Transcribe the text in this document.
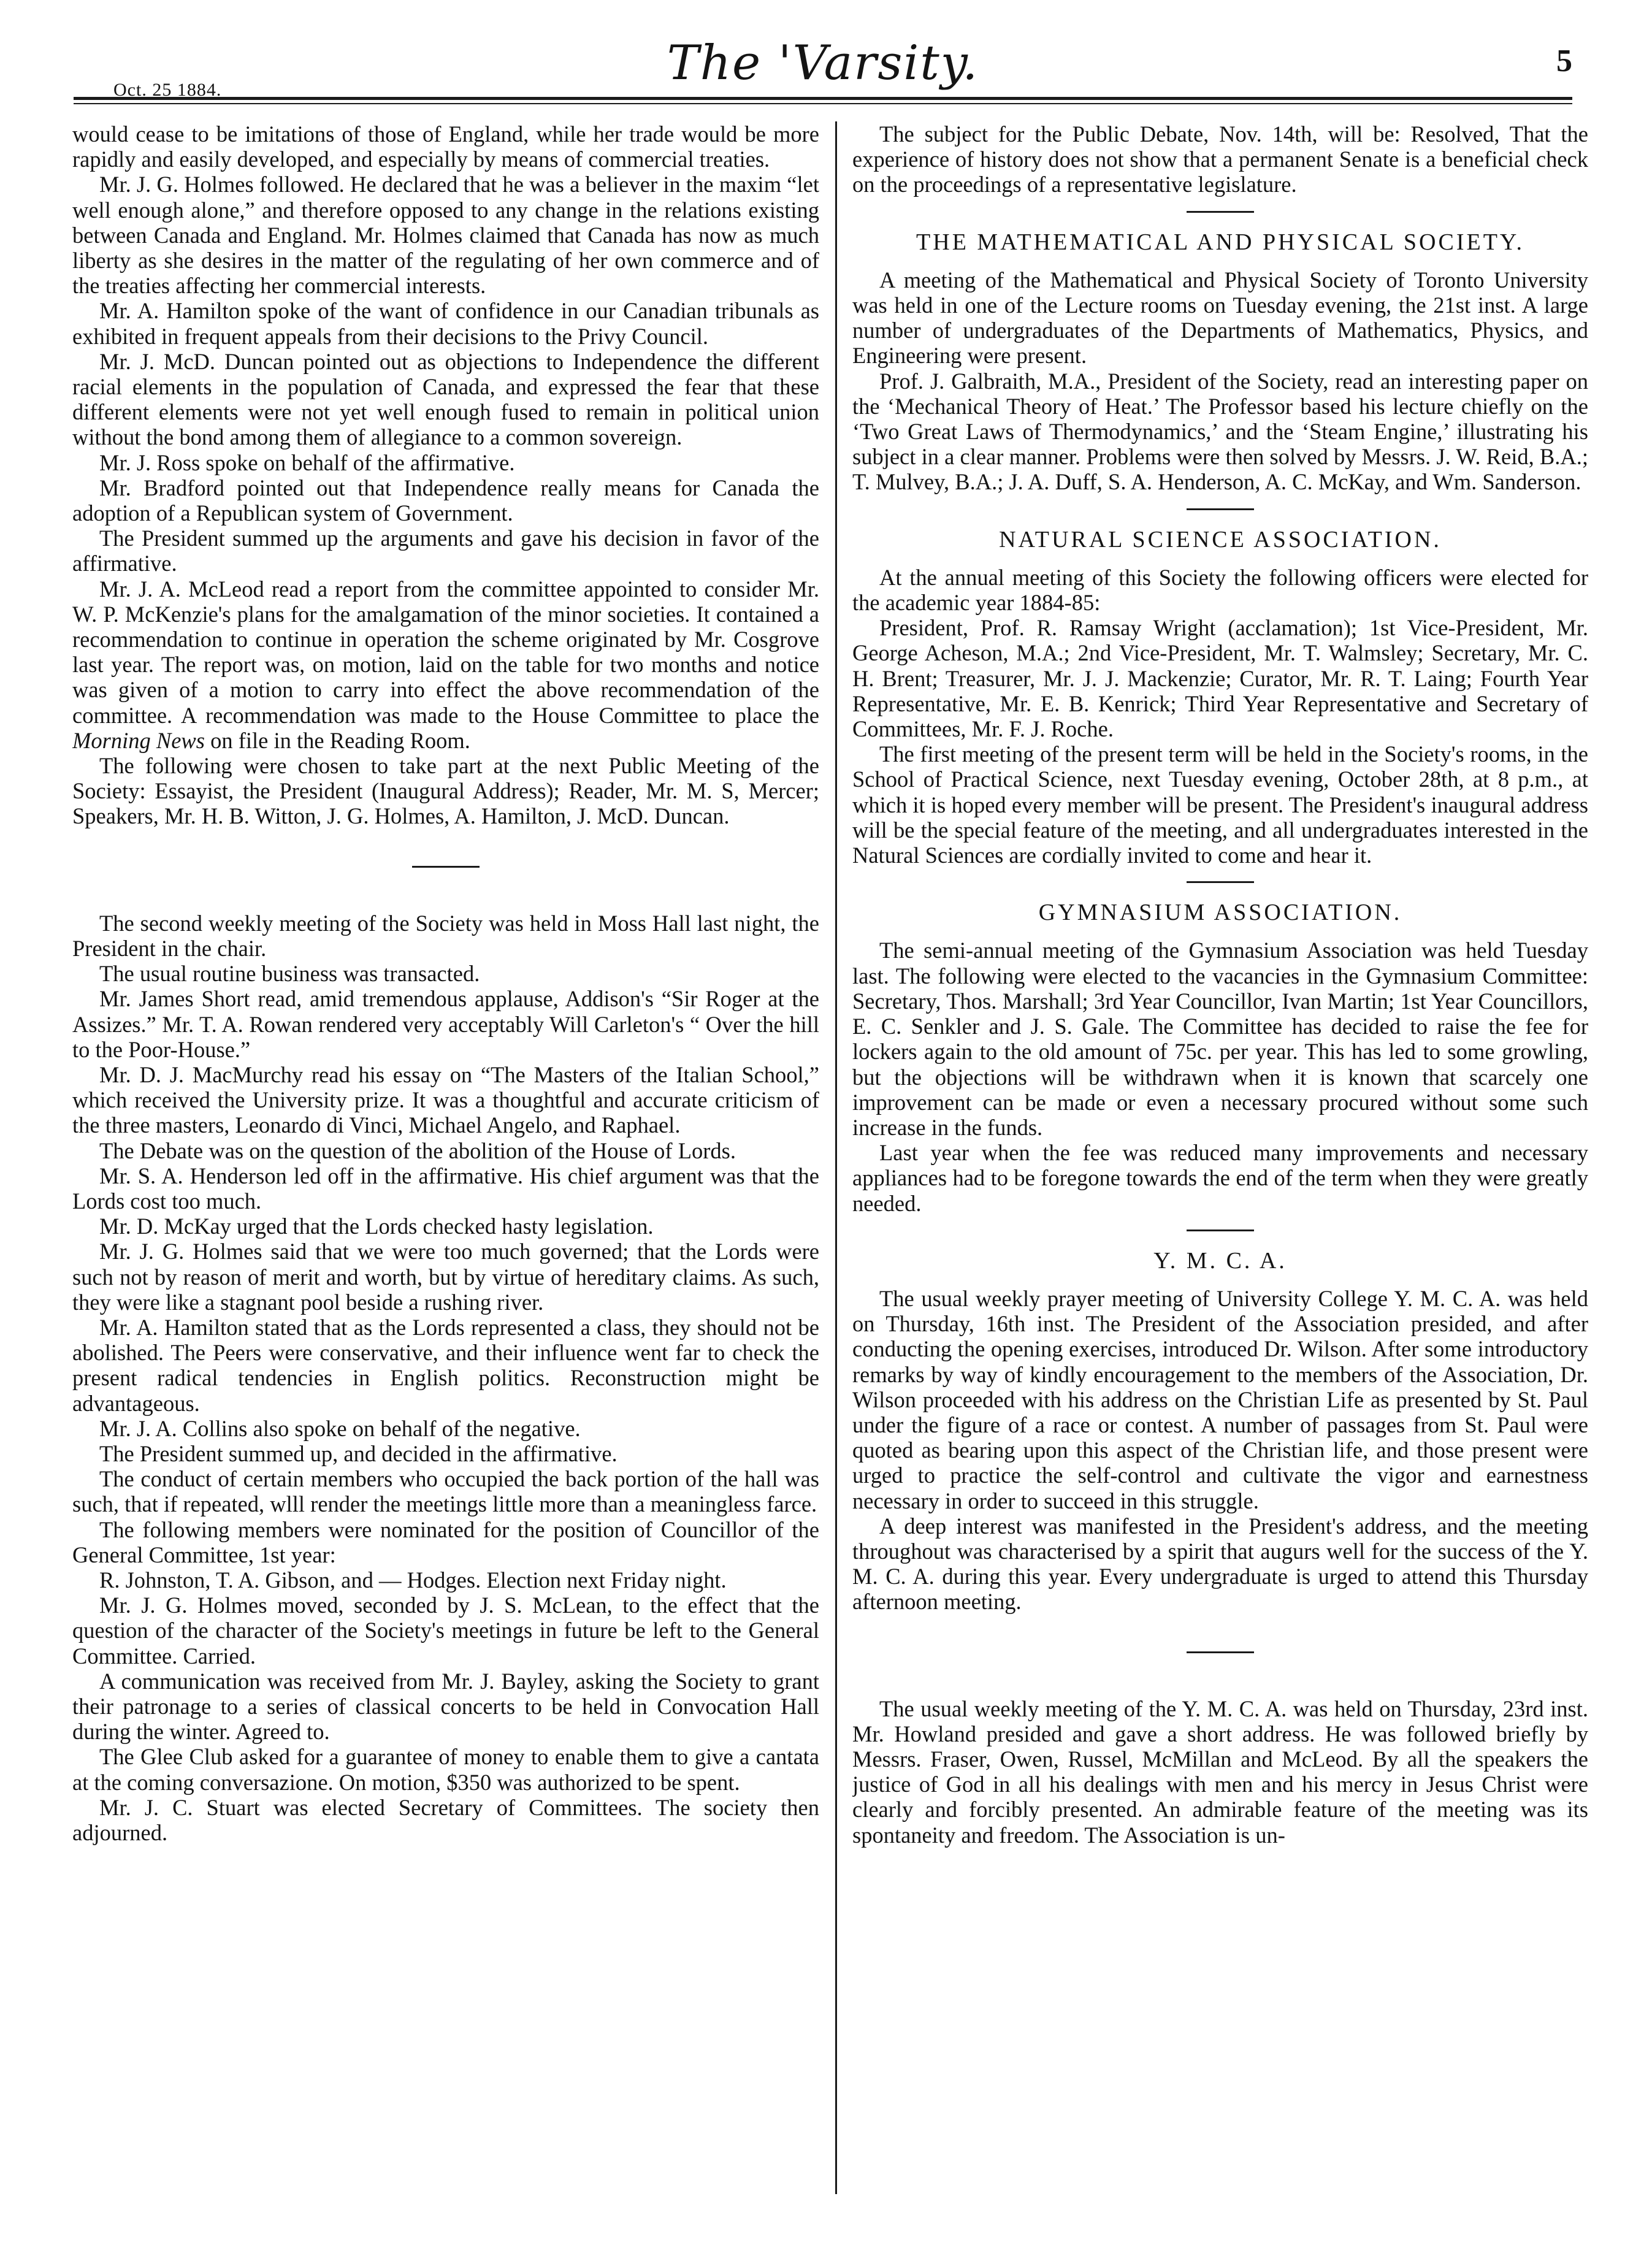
Oct. 25 1884.	The 'Varsity.	5

would cease to be imitations of those of England, while her trade would be more rapidly and easily developed, and especially by means of commercial treaties.

Mr. J. G. Holmes followed. He declared that he was a believer in the maxim “let well enough alone,” and therefore opposed to any change in the relations existing between Canada and England. Mr. Holmes claimed that Canada has now as much liberty as she desires in the matter of the regulating of her own commerce and of the treaties affecting her commercial interests.

Mr. A. Hamilton spoke of the want of confidence in our Canadian tribunals as exhibited in frequent appeals from their decisions to the Privy Council.

Mr. J. McD. Duncan pointed out as objections to Independence the different racial elements in the population of Canada, and expressed the fear that these different elements were not yet well enough fused to remain in political union without the bond among them of allegiance to a common sovereign.

Mr. J. Ross spoke on behalf of the affirmative.

Mr. Bradford pointed out that Independence really means for Canada the adoption of a Republican system of Government.

The President summed up the arguments and gave his decision in favor of the affirmative.

Mr. J. A. McLeod read a report from the committee appointed to consider Mr. W. P. McKenzie's plans for the amalgamation of the minor societies. It contained a recommendation to continue in operation the scheme originated by Mr. Cosgrove last year. The report was, on motion, laid on the table for two months and notice was given of a motion to carry into effect the above recommendation of the committee. A recommendation was made to the House Committee to place the Morning News on file in the Reading Room.

The following were chosen to take part at the next Public Meeting of the Society: Essayist, the President (Inaugural Address); Reader, Mr. M. S, Mercer; Speakers, Mr. H. B. Witton, J. G. Holmes, A. Hamilton, J. McD. Duncan.

The second weekly meeting of the Society was held in Moss Hall last night, the President in the chair.

The usual routine business was transacted.

Mr. James Short read, amid tremendous applause, Addison's “Sir Roger at the Assizes.” Mr. T. A. Rowan rendered very acceptably Will Carleton's “ Over the hill to the Poor-House.”

Mr. D. J. MacMurchy read his essay on “The Masters of the Italian School,” which received the University prize. It was a thoughtful and accurate criticism of the three masters, Leonardo di Vinci, Michael Angelo, and Raphael.

The Debate was on the question of the abolition of the House of Lords.

Mr. S. A. Henderson led off in the affirmative. His chief argument was that the Lords cost too much.

Mr. D. McKay urged that the Lords checked hasty legislation.

Mr. J. G. Holmes said that we were too much governed; that the Lords were such not by reason of merit and worth, but by virtue of hereditary claims. As such, they were like a stagnant pool beside a rushing river.

Mr. A. Hamilton stated that as the Lords represented a class, they should not be abolished. The Peers were conservative, and their influence went far to check the present radical tendencies in English politics. Reconstruction might be advantageous.

Mr. J. A. Collins also spoke on behalf of the negative.

The President summed up, and decided in the affirmative.

The conduct of certain members who occupied the back portion of the hall was such, that if repeated, wlll render the meetings little more than a meaningless farce.

The following members were nominated for the position of Councillor of the General Committee, 1st year:

R. Johnston, T. A. Gibson, and — Hodges. Election next Friday night.

Mr. J. G. Holmes moved, seconded by J. S. McLean, to the effect that the question of the character of the Society's meetings in future be left to the General Committee. Carried.

A communication was received from Mr. J. Bayley, asking the Society to grant their patronage to a series of classical concerts to be held in Convocation Hall during the winter. Agreed to.

The Glee Club asked for a guarantee of money to enable them to give a cantata at the coming conversazione. On motion, $350 was authorized to be spent.

Mr. J. C. Stuart was elected Secretary of Committees. The society then adjourned.

The subject for the Public Debate, Nov. 14th, will be: Resolved, That the experience of history does not show that a permanent Senate is a beneficial check on the proceedings of a representative legislature.

THE MATHEMATICAL AND PHYSICAL SOCIETY.

A meeting of the Mathematical and Physical Society of Toronto University was held in one of the Lecture rooms on Tuesday evening, the 21st inst. A large number of undergraduates of the Departments of Mathematics, Physics, and Engineering were present.

Prof. J. Galbraith, M.A., President of the Society, read an interesting paper on the ‘Mechanical Theory of Heat.’ The Professor based his lecture chiefly on the ‘Two Great Laws of Thermodynamics,’ and the ‘Steam Engine,’ illustrating his subject in a clear manner. Problems were then solved by Messrs. J. W. Reid, B.A.; T. Mulvey, B.A.; J. A. Duff, S. A. Henderson, A. C. McKay, and Wm. Sanderson.

NATURAL SCIENCE ASSOCIATION.

At the annual meeting of this Society the following officers were elected for the academic year 1884-85:

President, Prof. R. Ramsay Wright (acclamation); 1st Vice-President, Mr. George Acheson, M.A.; 2nd Vice-President, Mr. T. Walmsley; Secretary, Mr. C. H. Brent; Treasurer, Mr. J. J. Mackenzie; Curator, Mr. R. T. Laing; Fourth Year Representative, Mr. E. B. Kenrick; Third Year Representative and Secretary of Committees, Mr. F. J. Roche.

The first meeting of the present term will be held in the Society's rooms, in the School of Practical Science, next Tuesday evening, October 28th, at 8 p.m., at which it is hoped every member will be present. The President's inaugural address will be the special feature of the meeting, and all undergraduates interested in the Natural Sciences are cordially invited to come and hear it.

GYMNASIUM ASSOCIATION.

The semi-annual meeting of the Gymnasium Association was held Tuesday last. The following were elected to the vacancies in the Gymnasium Committee: Secretary, Thos. Marshall; 3rd Year Councillor, Ivan Martin; 1st Year Councillors, E. C. Senkler and J. S. Gale. The Committee has decided to raise the fee for lockers again to the old amount of 75c. per year. This has led to some growling, but the objections will be withdrawn when it is known that scarcely one improvement can be made or even a necessary procured without some such increase in the funds.

Last year when the fee was reduced many improvements and necessary appliances had to be foregone towards the end of the term when they were greatly needed.

Y. M. C. A.

The usual weekly prayer meeting of University College Y. M. C. A. was held on Thursday, 16th inst. The President of the Association presided, and after conducting the opening exercises, introduced Dr. Wilson. After some introductory remarks by way of kindly encouragement to the members of the Association, Dr. Wilson proceeded with his address on the Christian Life as presented by St. Paul under the figure of a race or contest. A number of passages from St. Paul were quoted as bearing upon this aspect of the Christian life, and those present were urged to practice the self-control and cultivate the vigor and earnestness necessary in order to succeed in this struggle.

A deep interest was manifested in the President's address, and the meeting throughout was characterised by a spirit that augurs well for the success of the Y. M. C. A. during this year. Every undergraduate is urged to attend this Thursday afternoon meeting.

The usual weekly meeting of the Y. M. C. A. was held on Thursday, 23rd inst. Mr. Howland presided and gave a short address. He was followed briefly by Messrs. Fraser, Owen, Russel, McMillan and McLeod. By all the speakers the justice of God in all his dealings with men and his mercy in Jesus Christ were clearly and forcibly presented. An admirable feature of the meeting was its spontaneity and freedom. The Association is un-
